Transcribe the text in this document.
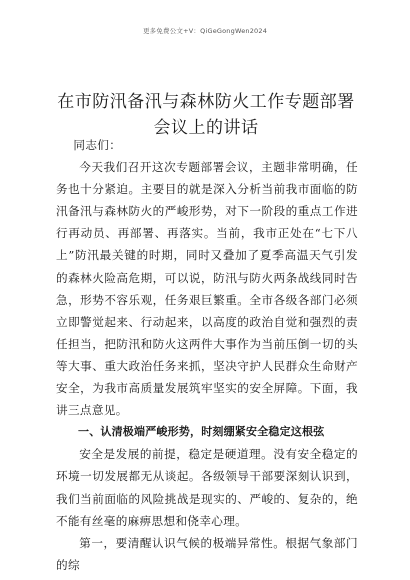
更多免费公文+V：QiGeGongWen2024
在市防汛备汛与森林防火工作专题部署会议上的讲话

同志们：

今天我们召开这次专题部署会议，主题非常明确，任务也十分紧迫。主要目的就是深入分析当前我市面临的防汛备汛与森林防火的严峻形势，对下一阶段的重点工作进行再动员、再部署、再落实。当前，我市正处在“七下八上”防汛最关键的时期，同时又叠加了夏季高温天气引发的森林火险高危期，可以说，防汛与防火两条战线同时告急，形势不容乐观，任务艰巨繁重。全市各级各部门必须立即警觉起来、行动起来，以高度的政治自觉和强烈的责任担当，把防汛和防火这两件大事作为当前压倒一切的头等大事、重大政治任务来抓，坚决守护人民群众生命财产安全，为我市高质量发展筑牢坚实的安全屏障。下面，我讲三点意见。

一、认清极端严峻形势，时刻绷紧安全稳定这根弦

安全是发展的前提，稳定是硬道理。没有安全稳定的环境一切发展都无从谈起。各级领导干部要深刻认识到，我们当前面临的风险挑战是现实的、严峻的、复杂的，绝不能有丝毫的麻痹思想和侥幸心理。

第一，要清醒认识气候的极端异常性。根据气象部门的综
